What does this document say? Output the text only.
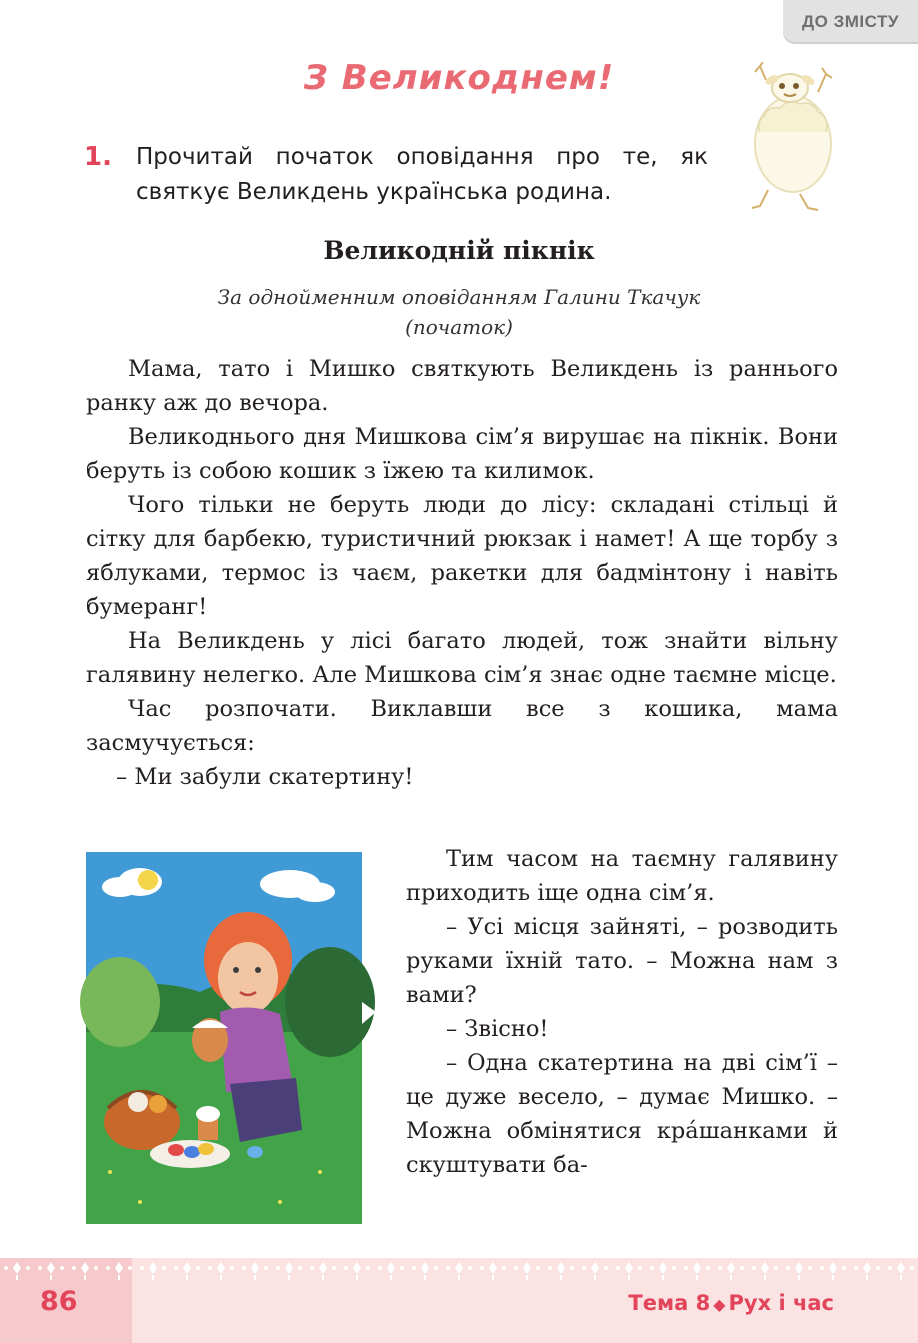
ДО ЗМІСТУ
З Великоднем!
1. Прочитай початок оповідання про те, як святкує Великдень українська родина.
Великодній пікнік
За однойменним оповіданням Галини Ткачук
(початок)

Мама, тато і Мишко святкують Великдень із раннього ранку аж до вечора.

Великоднього дня Мишкова сім’я вирушає на пікнік. Вони беруть із собою кошик з їжею та килимок.

Чого тільки не беруть люди до лісу: складані стільці й сітку для барбекю, туристичний рюкзак і намет! А ще торбу з яблуками, термос із чаєм, ракетки для бадмінтону і навіть бумеранг!

На Великдень у лісі багато людей, тож знайти вільну галявину нелегко. Але Мишкова сім’я знає одне таємне місце.

Час розпочати. Виклавши все з кошика, мама засмучується:

– Ми забули скатертину!

Тим часом на таємну галявину приходить іще одна сім’я.

– Усі місця зайняті, – розводить руками їхній тато. – Можна нам з вами?

– Звісно!

– Одна скатертина на дві сім’ї – це дуже весело, – думає Мишко. – Можна обмінятися кра́шанками й скуштувати ба-

86	Тема 8 ◆ Рух і час
